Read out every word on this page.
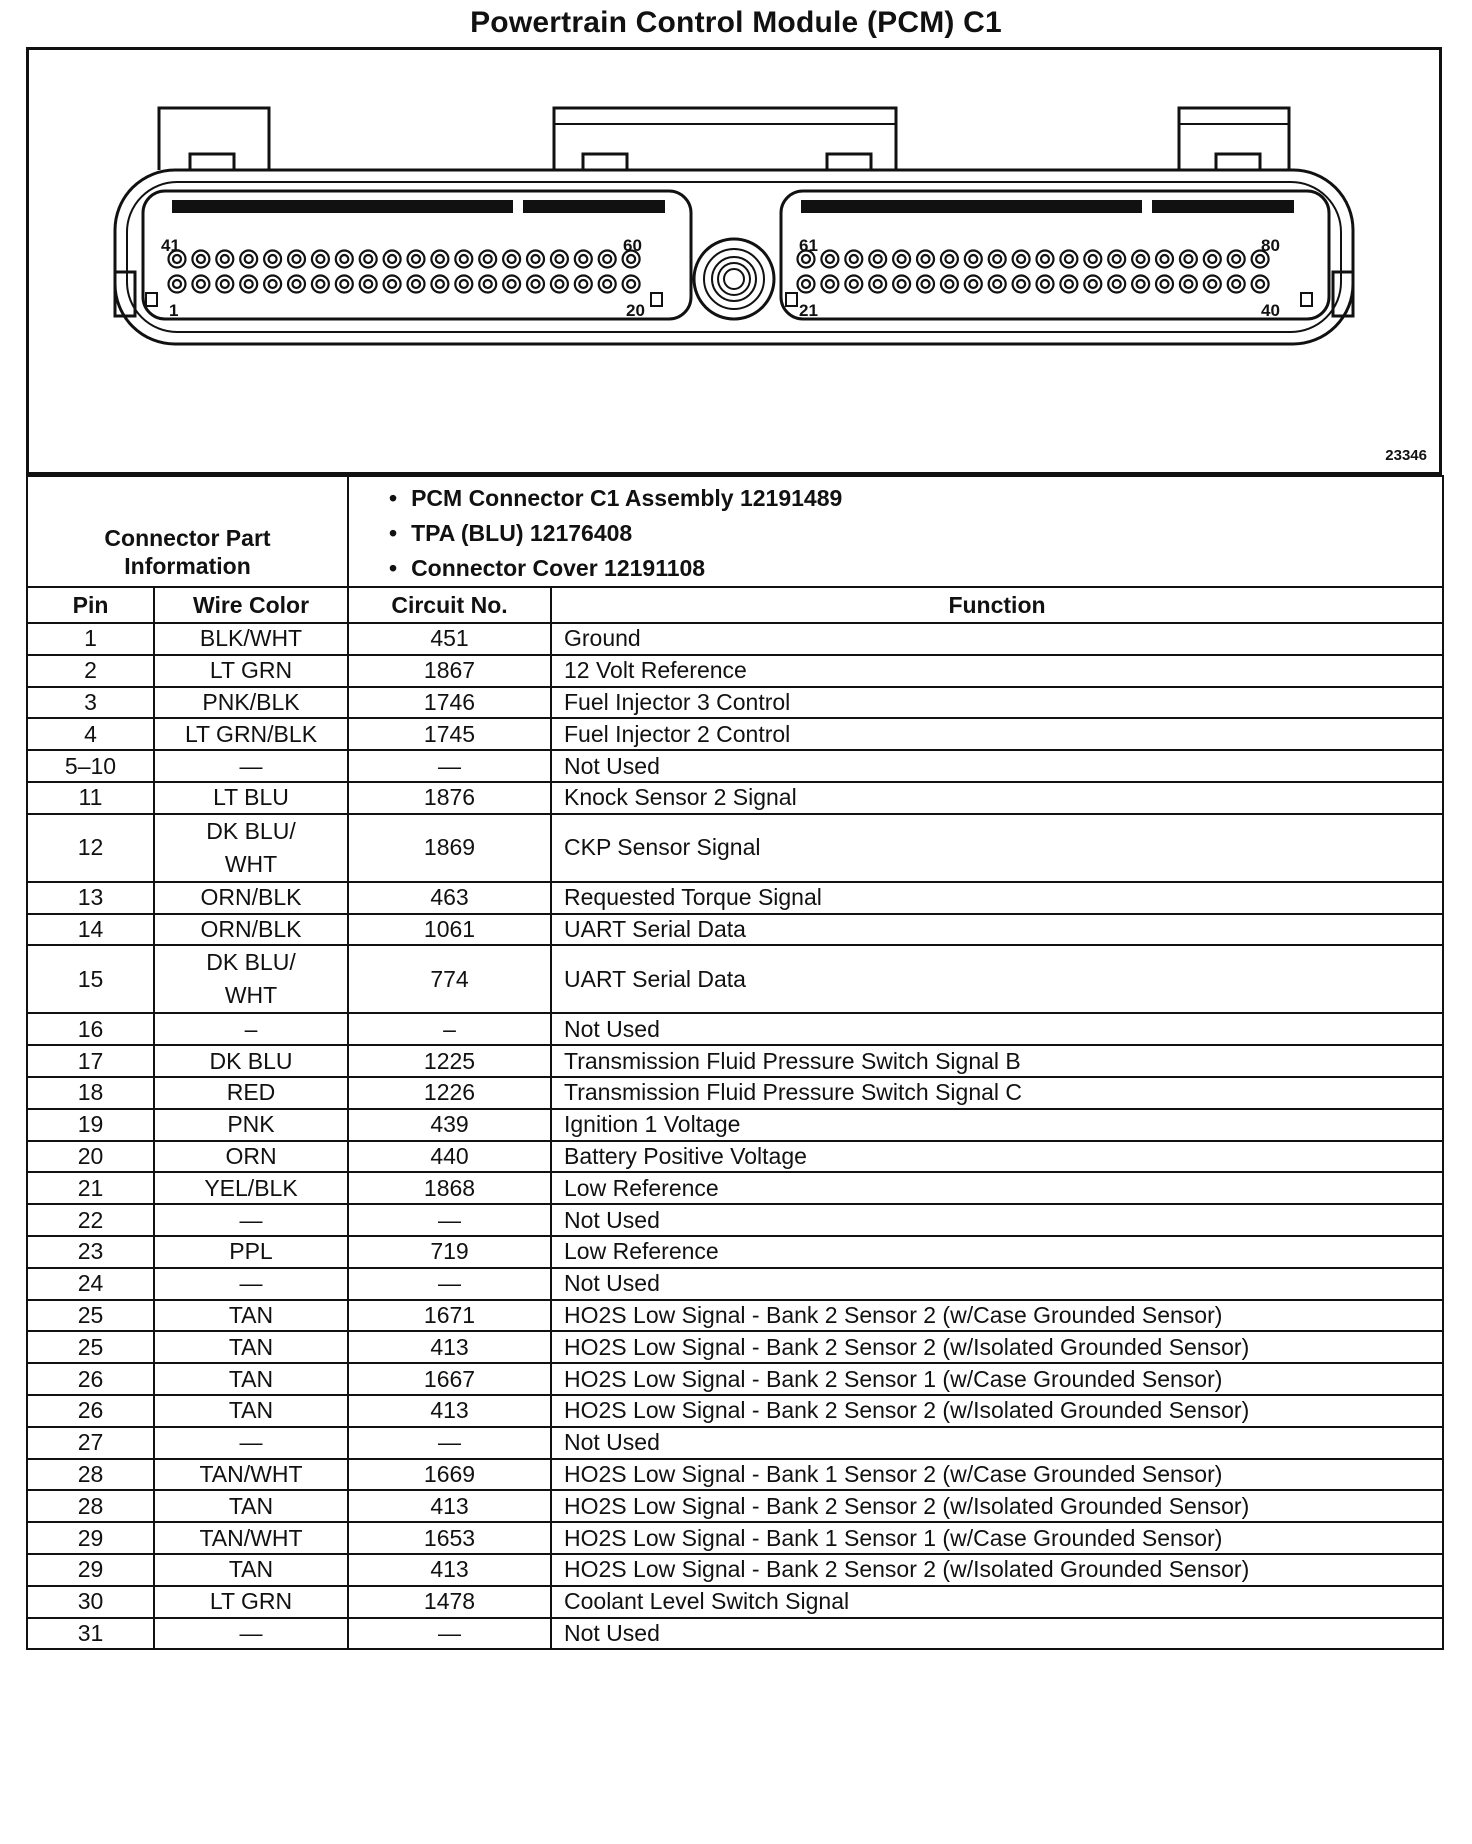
Powertrain Control Module (PCM) C1
41	60
1	20
61	80
21	40
23346
Connector Part Information		• PCM Connector C1 Assembly 12191489
• TPA (BLU) 12176408
• Connector Cover 12191108

Pin	Wire Color	Circuit No.	Function
1	BLK/WHT	451	Ground
2	LT GRN	1867	12 Volt Reference
3	PNK/BLK	1746	Fuel Injector 3 Control
4	LT GRN/BLK	1745	Fuel Injector 2 Control
5–10	—	—	Not Used
11	LT BLU	1876	Knock Sensor 2 Signal
12	DK BLU/ WHT	1869	CKP Sensor Signal
13	ORN/BLK	463	Requested Torque Signal
14	ORN/BLK	1061	UART Serial Data
15	DK BLU/ WHT	774	UART Serial Data
16	–	–	Not Used
17	DK BLU	1225	Transmission Fluid Pressure Switch Signal B
18	RED	1226	Transmission Fluid Pressure Switch Signal C
19	PNK	439	Ignition 1 Voltage
20	ORN	440	Battery Positive Voltage
21	YEL/BLK	1868	Low Reference
22	—	—	Not Used
23	PPL	719	Low Reference
24	—	—	Not Used
25	TAN	1671	HO2S Low Signal - Bank 2 Sensor 2 (w/Case Grounded Sensor)
25	TAN	413	HO2S Low Signal - Bank 2 Sensor 2 (w/Isolated Grounded Sensor)
26	TAN	1667	HO2S Low Signal - Bank 2 Sensor 1 (w/Case Grounded Sensor)
26	TAN	413	HO2S Low Signal - Bank 2 Sensor 2 (w/Isolated Grounded Sensor)
27	—	—	Not Used
28	TAN/WHT	1669	HO2S Low Signal - Bank 1 Sensor 2 (w/Case Grounded Sensor)
28	TAN	413	HO2S Low Signal - Bank 2 Sensor 2 (w/Isolated Grounded Sensor)
29	TAN/WHT	1653	HO2S Low Signal - Bank 1 Sensor 1 (w/Case Grounded Sensor)
29	TAN	413	HO2S Low Signal - Bank 2 Sensor 2 (w/Isolated Grounded Sensor)
30	LT GRN	1478	Coolant Level Switch Signal
31	—	—	Not Used
